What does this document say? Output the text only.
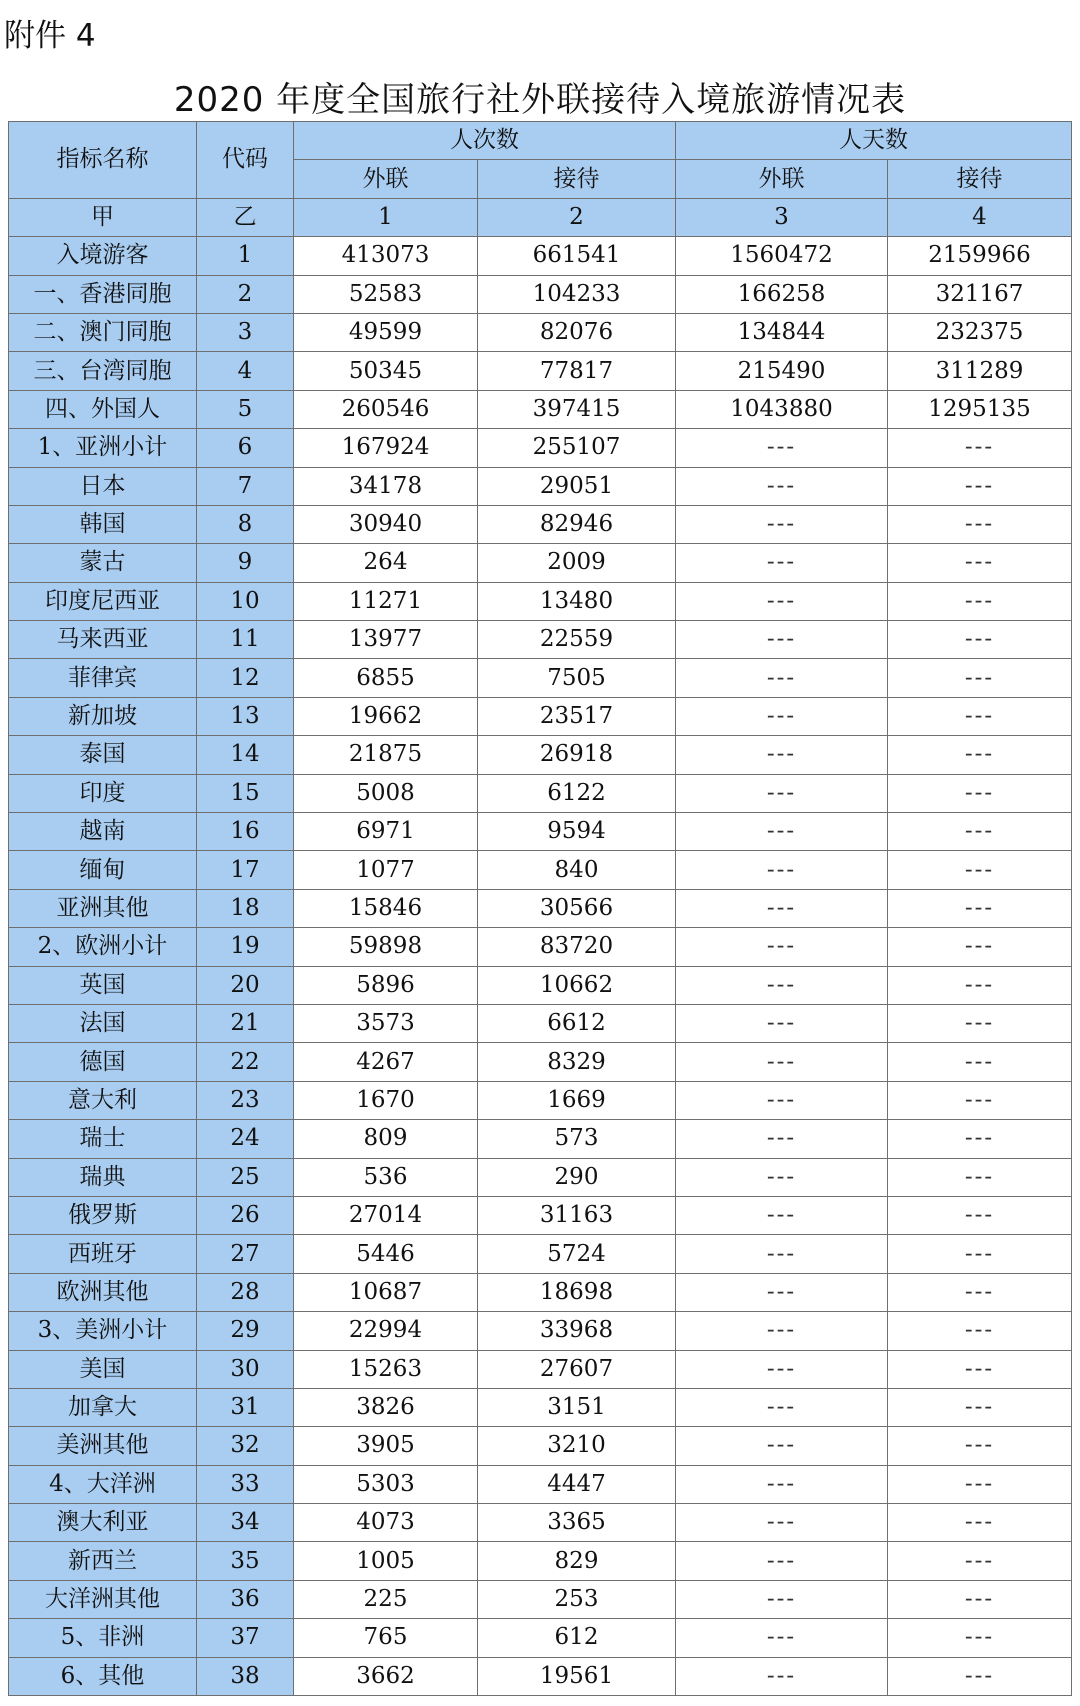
附件 4
2020 年度全国旅行社外联接待入境旅游情况表
指标名称	代码	人次数		人天数	
		外联	接待	外联	接待
甲	乙	1	2	3	4
入境游客	1	413073	661541	1560472	2159966
一、香港同胞	2	52583	104233	166258	321167
二、澳门同胞	3	49599	82076	134844	232375
三、台湾同胞	4	50345	77817	215490	311289
四、外国人	5	260546	397415	1043880	1295135
1、亚洲小计	6	167924	255107	---	---
日本	7	34178	29051	---	---
韩国	8	30940	82946	---	---
蒙古	9	264	2009	---	---
印度尼西亚	10	11271	13480	---	---
马来西亚	11	13977	22559	---	---
菲律宾	12	6855	7505	---	---
新加坡	13	19662	23517	---	---
泰国	14	21875	26918	---	---
印度	15	5008	6122	---	---
越南	16	6971	9594	---	---
缅甸	17	1077	840	---	---
亚洲其他	18	15846	30566	---	---
2、欧洲小计	19	59898	83720	---	---
英国	20	5896	10662	---	---
法国	21	3573	6612	---	---
德国	22	4267	8329	---	---
意大利	23	1670	1669	---	---
瑞士	24	809	573	---	---
瑞典	25	536	290	---	---
俄罗斯	26	27014	31163	---	---
西班牙	27	5446	5724	---	---
欧洲其他	28	10687	18698	---	---
3、美洲小计	29	22994	33968	---	---
美国	30	15263	27607	---	---
加拿大	31	3826	3151	---	---
美洲其他	32	3905	3210	---	---
4、大洋洲	33	5303	4447	---	---
澳大利亚	34	4073	3365	---	---
新西兰	35	1005	829	---	---
大洋洲其他	36	225	253	---	---
5、非洲	37	765	612	---	---
6、其他	38	3662	19561	---	---
